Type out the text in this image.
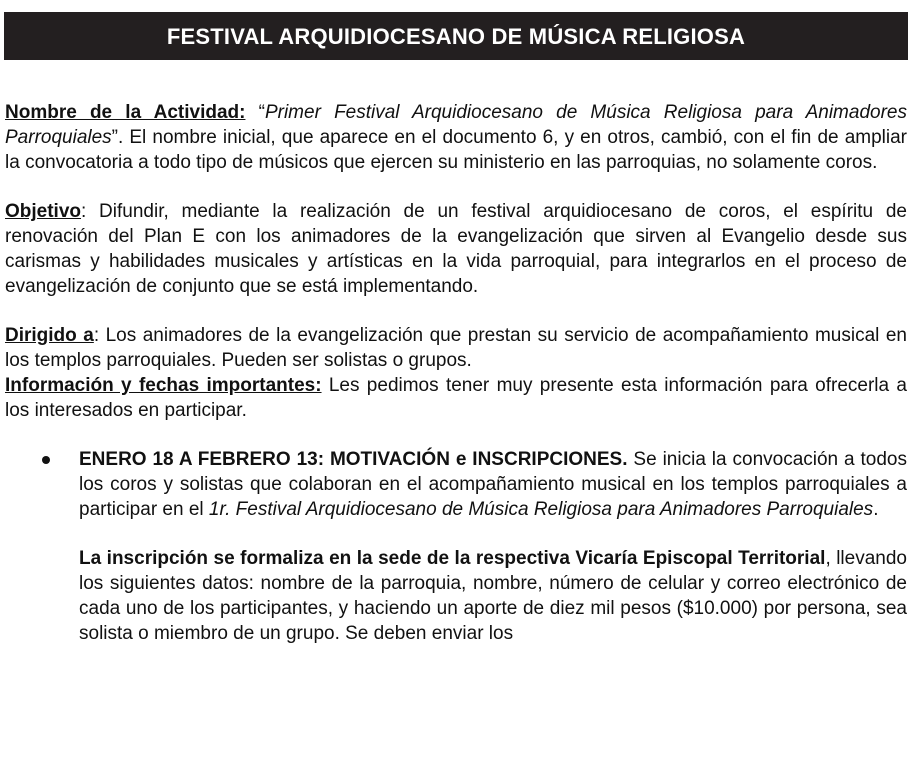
FESTIVAL ARQUIDIOCESANO DE MÚSICA RELIGIOSA

Nombre de la Actividad: “Primer Festival Arquidiocesano de Música Religiosa para Animadores Parroquiales”. El nombre inicial, que aparece en el documento 6, y en otros, cambió, con el fin de ampliar la convocatoria a todo tipo de músicos que ejercen su ministerio en las parroquias, no solamente coros.

Objetivo: Difundir, mediante la realización de un festival arquidiocesano de coros, el espíritu de renovación del Plan E con los animadores de la evangelización que sirven al Evangelio desde sus carismas y habilidades musicales y artísticas en la vida parroquial, para integrarlos en el proceso de evangelización de conjunto que se está implementando.

Dirigido a: Los animadores de la evangelización que prestan su servicio de acompañamiento musical en los templos parroquiales. Pueden ser solistas o grupos.

Información y fechas importantes: Les pedimos tener muy presente esta información para ofrecerla a los interesados en participar.

ENERO 18 A FEBRERO 13: MOTIVACIÓN e INSCRIPCIONES. Se inicia la convocación a todos los coros y solistas que colaboran en el acompañamiento musical en los templos parroquiales a participar en el 1r. Festival Arquidiocesano de Música Religiosa para Animadores Parroquiales.

La inscripción se formaliza en la sede de la respectiva Vicaría Episcopal Territorial, llevando los siguientes datos: nombre de la parroquia, nombre, número de celular y correo electrónico de cada uno de los participantes, y haciendo un aporte de diez mil pesos ($10.000) por persona, sea solista o miembro de un grupo. Se deben enviar los
